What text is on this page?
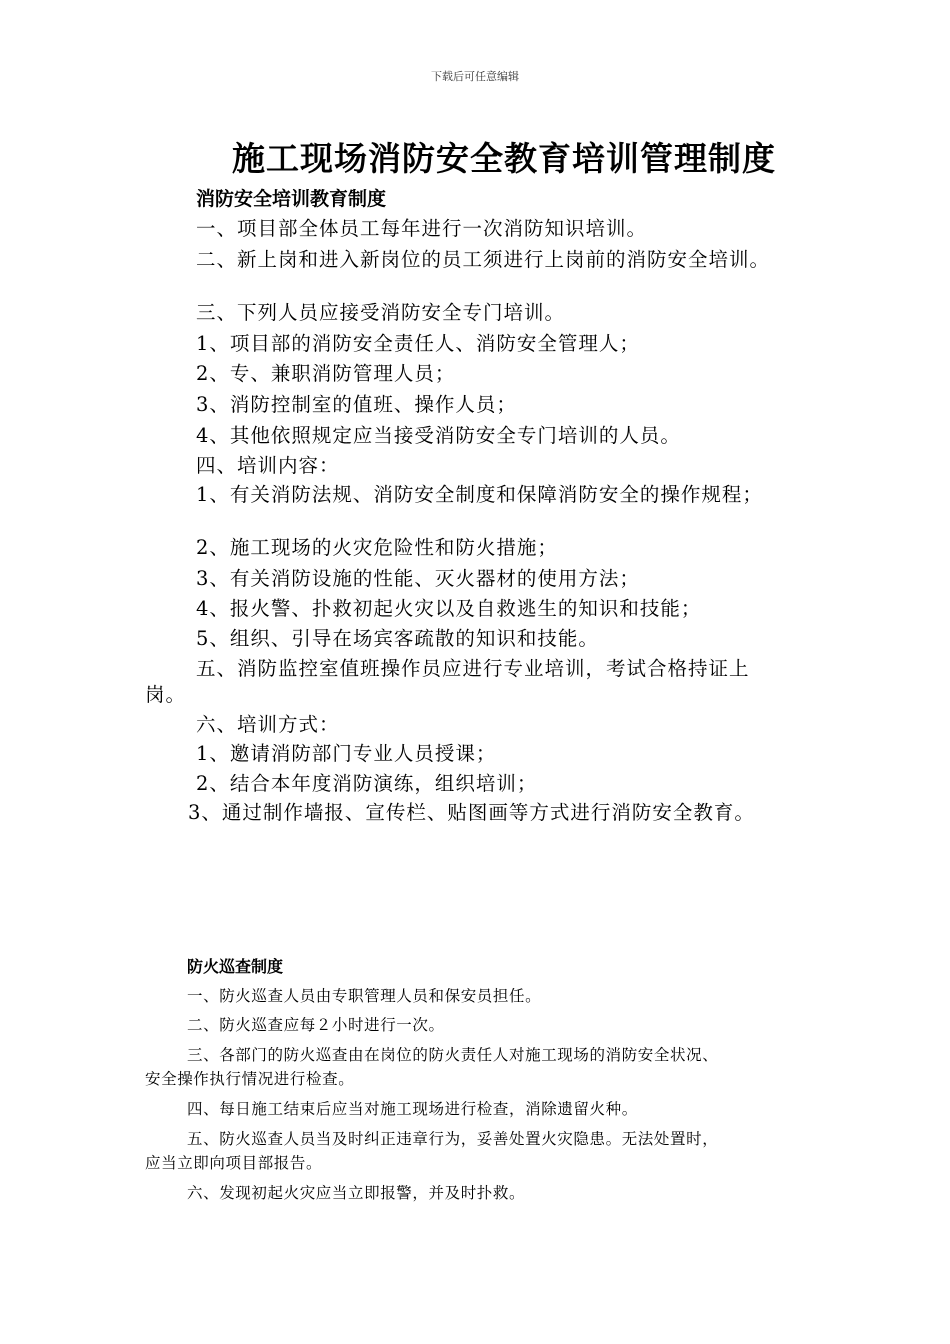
下载后可任意编辑
施工现场消防安全教育培训管理制度
消防安全培训教育制度
一、项目部全体员工每年进行一次消防知识培训。
二、新上岗和进入新岗位的员工须进行上岗前的消防安全培训。
三、下列人员应接受消防安全专门培训。
1、项目部的消防安全责任人、消防安全管理人；
2、专、兼职消防管理人员；
3、消防控制室的值班、操作人员；
4、其他依照规定应当接受消防安全专门培训的人员。
四、培训内容：
1、有关消防法规、消防安全制度和保障消防安全的操作规程；
2、施工现场的火灾危险性和防火措施；
3、有关消防设施的性能、灭火器材的使用方法；
4、报火警、扑救初起火灾以及自救逃生的知识和技能；
5、组织、引导在场宾客疏散的知识和技能。
五、消防监控室值班操作员应进行专业培训，考试合格持证上
岗。
六、培训方式：
1、邀请消防部门专业人员授课；
2、结合本年度消防演练，组织培训；
3、通过制作墙报、宣传栏、贴图画等方式进行消防安全教育。
防火巡查制度
一、防火巡查人员由专职管理人员和保安员担任。
二、防火巡查应每２小时进行一次。
三、各部门的防火巡查由在岗位的防火责任人对施工现场的消防安全状况、
安全操作执行情况进行检查。
四、每日施工结束后应当对施工现场进行检查，消除遗留火种。
五、防火巡查人员当及时纠正违章行为，妥善处置火灾隐患。无法处置时，
应当立即向项目部报告。
六、发现初起火灾应当立即报警，并及时扑救。
